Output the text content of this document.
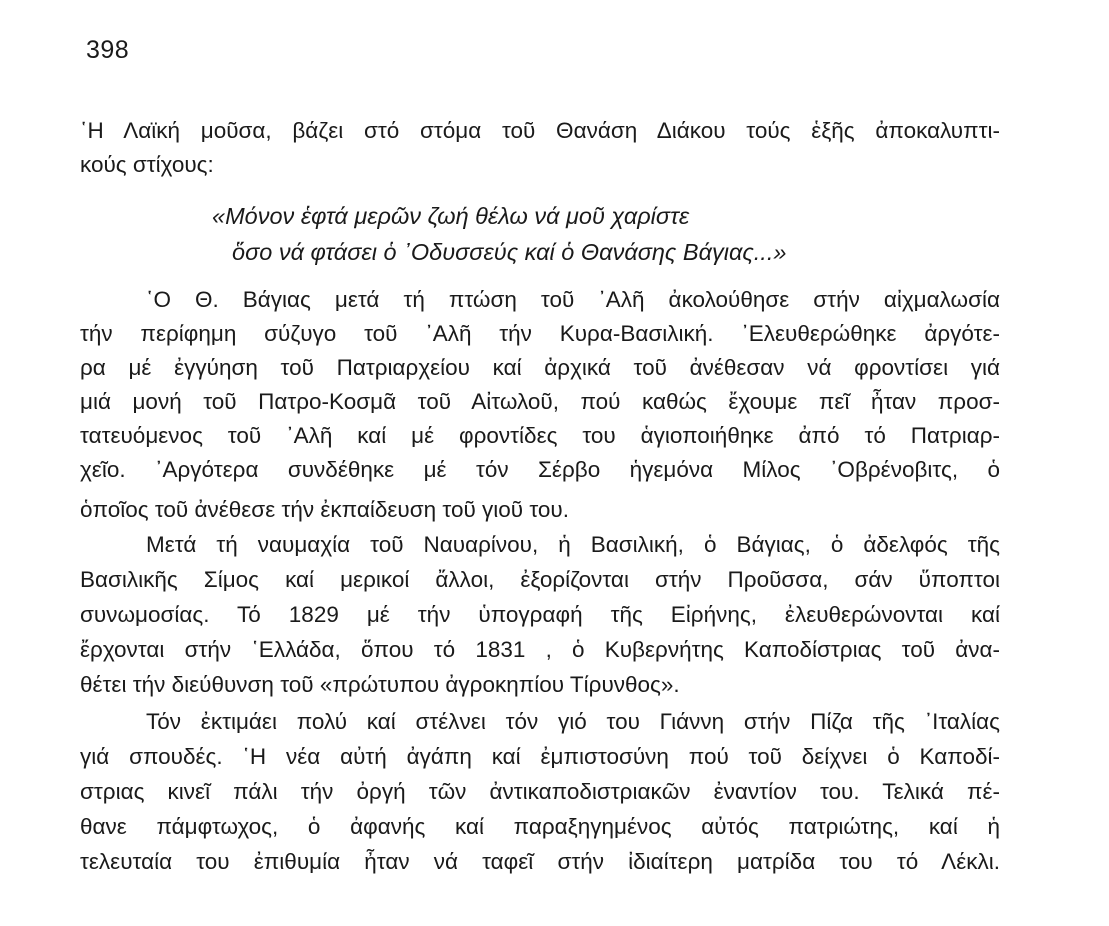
398
῾Η Λαϊκή μοῦσα, βάζει στό στόμα τοῦ Θανάση Διάκου τούς ἑξῆς ἀποκαλυπτι-
κούς στίχους:
«Μόνον ἑφτά μερῶν ζωή θέλω νά μοῦ χαρίστε
ὅσο νά φτάσει ὁ ᾿Οδυσσεύς καί ὁ Θανάσης Βάγιας...»
῾Ο Θ. Βάγιας μετά τή πτώση τοῦ ᾿Αλῆ ἀκολούθησε στήν αἰχμαλωσία
τήν περίφημη σύζυγο τοῦ ᾿Αλῆ τήν Κυρα-Βασιλική. ᾿Ελευθερώθηκε ἀργότε-
ρα μέ ἐγγύηση τοῦ Πατριαρχείου καί ἀρχικά τοῦ ἀνέθεσαν νά φροντίσει γιά
μιά μονή τοῦ Πατρο-Κοσμᾶ τοῦ Αἰτωλοῦ, πού καθώς ἔχουμε πεῖ ἦταν προσ-
τατευόμενος τοῦ ᾿Αλῆ καί μέ φροντίδες του ἁγιοποιήθηκε ἀπό τό Πατριαρ-
χεῖο. ᾿Αργότερα συνδέθηκε μέ τόν Σέρβο ἡγεμόνα Μίλος ᾿Οβρένοβιτς, ὁ
ὁποῖος τοῦ ἀνέθεσε τήν ἐκπαίδευση τοῦ γιοῦ του.
Μετά τή ναυμαχία τοῦ Ναυαρίνου, ἡ Βασιλική, ὁ Βάγιας, ὁ ἀδελφός τῆς
Βασιλικῆς Σίμος καί μερικοί ἄλλοι, ἐξορίζονται στήν Προῦσσα, σάν ὕποπτοι
συνωμοσίας. Τό 1829 μέ τήν ὑπογραφή τῆς Εἰρήνης, ἐλευθερώνονται καί
ἔρχονται στήν ῾Ελλάδα, ὅπου τό 1831 , ὁ Κυβερνήτης Καποδίστριας τοῦ ἀνα-
θέτει τήν διεύθυνση τοῦ «πρώτυπου ἀγροκηπίου Τίρυνθος».
Τόν ἐκτιμάει πολύ καί στέλνει τόν γιό του Γιάννη στήν Πίζα τῆς ᾿Ιταλίας
γιά σπουδές. ῾Η νέα αὐτή ἀγάπη καί ἐμπιστοσύνη πού τοῦ δείχνει ὁ Καποδί-
στριας κινεῖ πάλι τήν ὀργή τῶν ἀντικαποδιστριακῶν ἐναντίον του. Τελικά πέ-
θανε πάμφτωχος, ὁ ἀφανής καί παραξηγημένος αὐτός πατριώτης, καί ἡ
τελευταία του ἐπιθυμία ἦταν νά ταφεῖ στήν ἰδιαίτερη ματρίδα του τό Λέκλι.
